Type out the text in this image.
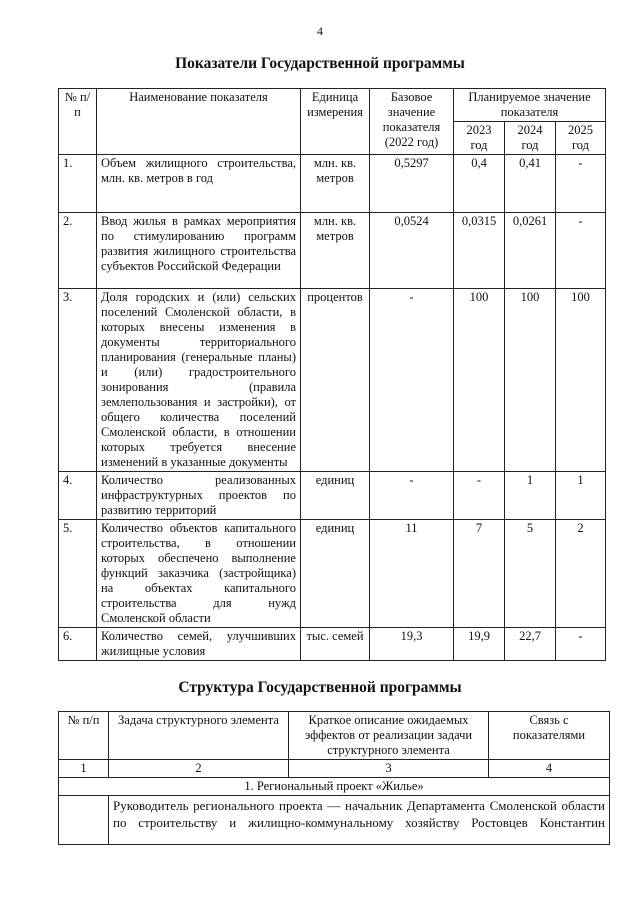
4
Показатели Государственной программы
№ п/п	Наименование показателя	Единица измерения	Базовое значение показателя (2022 год)	Планируемое значение показателя		
				2023 год	2024 год	2025 год
1.	Объем жилищного строительства, млн. кв. метров в год	млн. кв. метров	0,5297	0,4	0,41	-
2.	Ввод жилья в рамках мероприятия по стимулированию программ развития жилищного строительства субъектов Российской Федерации	млн. кв. метров	0,0524	0,0315	0,0261	-
3.	Доля городских и (или) сельских поселений Смоленской области, в которых внесены изменения в документы территориального планирования (генеральные планы) и (или) градостроительного зонирования (правила землепользования и застройки), от общего количества поселений Смоленской области, в отношении которых требуется внесение изменений в указанные документы	процентов	-	100	100	100
4.	Количество реализованных инфраструктурных проектов по развитию территорий	единиц	-	-	1	1
5.	Количество объектов капитального строительства, в отношении которых обеспечено выполнение функций заказчика (застройщика) на объектах капитального строительства для нужд Смоленской области	единиц	11	7	5	2
6.	Количество семей, улучшивших жилищные условия	тыс. семей	19,3	19,9	22,7	-
Структура Государственной программы
№ п/п	Задача структурного элемента	Краткое описание ожидаемых эффектов от реализации задачи структурного элемента	Связь с показателями
1	2	3	4
1. Региональный проект «Жилье»			
	Руководитель регионального проекта — начальник Департамента Смоленской области по строительству и жилищно-коммунальному хозяйству Ростовцев Константин		
